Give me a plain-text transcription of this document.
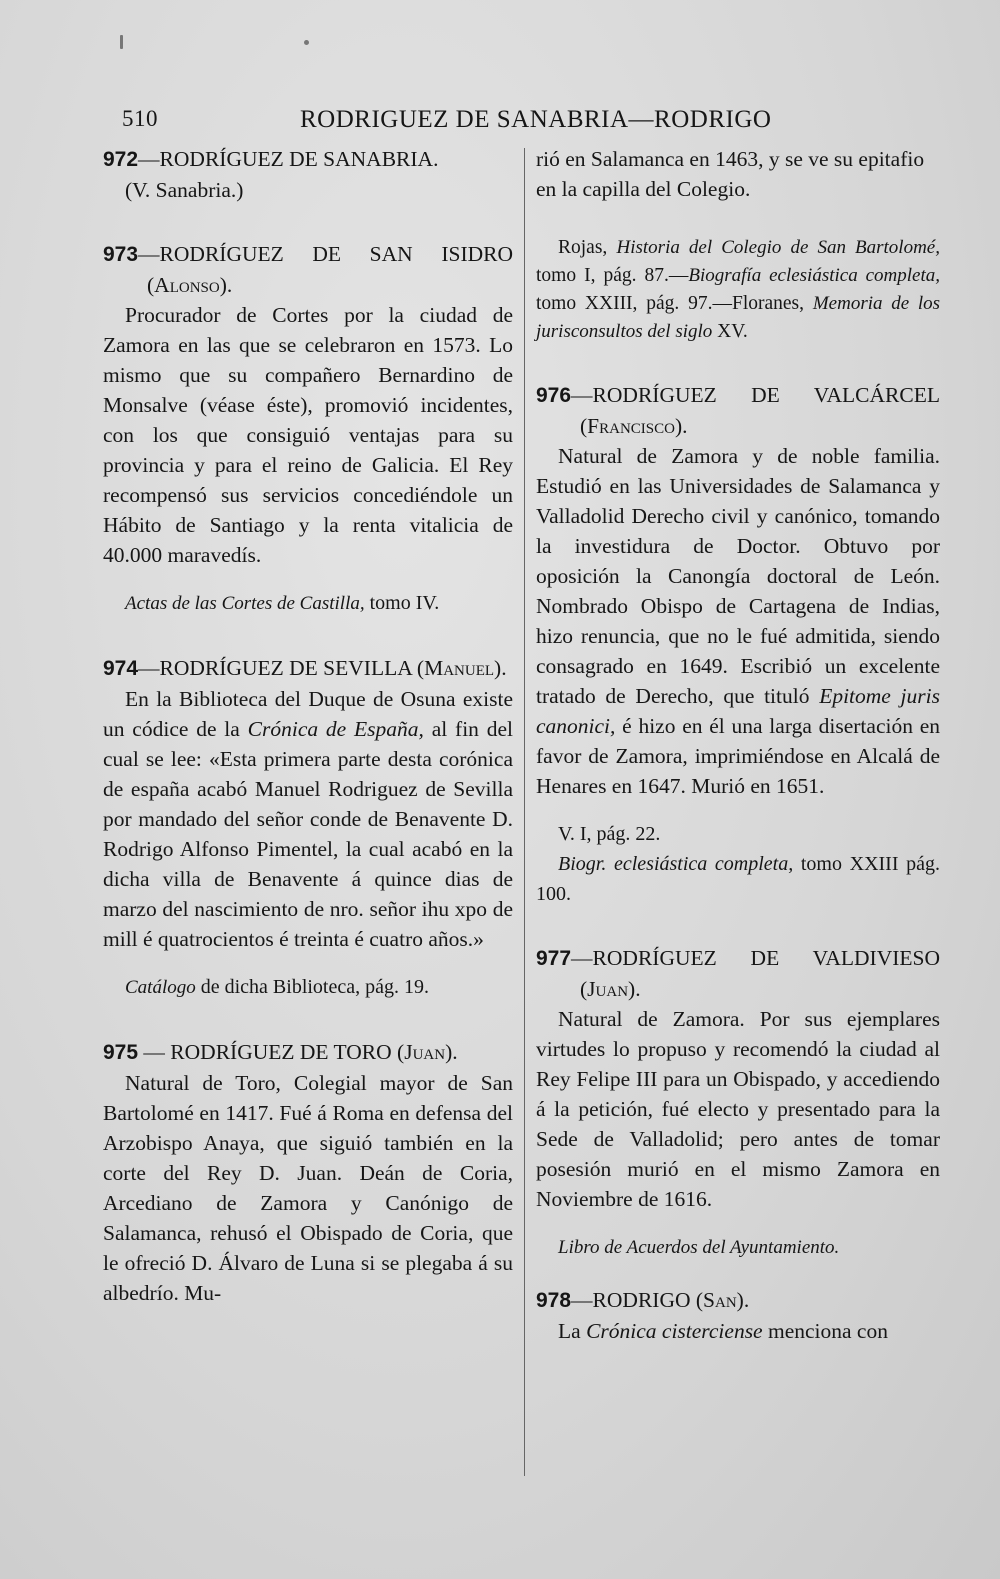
510	RODRIGUEZ DE SANABRIA—RODRIGO
972—RODRÍGUEZ DE SANABRIA.

(V. Sanabria.)

973—RODRÍGUEZ DE SAN ISIDRO (Alonso).

Procurador de Cortes por la ciudad de Zamora en las que se celebraron en 1573. Lo mismo que su compañero Bernardino de Monsalve (véase éste), promovió incidentes, con los que consiguió ventajas para su provincia y para el reino de Galicia. El Rey recompensó sus servicios concediéndole un Hábito de Santiago y la renta vitalicia de 40.000 maravedís.

Actas de las Cortes de Castilla, tomo IV.

974—RODRÍGUEZ DE SEVILLA (Manuel).

En la Biblioteca del Duque de Osuna existe un códice de la Crónica de España, al fin del cual se lee: «Esta primera parte desta corónica de españa acabó Manuel Rodriguez de Sevilla por mandado del señor conde de Benavente D. Rodrigo Alfonso Pimentel, la cual acabó en la dicha villa de Benavente á quince dias de marzo del nascimiento de nro. señor ihu xpo de mill é quatrocientos é treinta é cuatro años.»

Catálogo de dicha Biblioteca, pág. 19.

975 — RODRÍGUEZ DE TORO (Juan).

Natural de Toro, Colegial mayor de San Bartolomé en 1417. Fué á Roma en defensa del Arzobispo Anaya, que siguió también en la corte del Rey D. Juan. Deán de Coria, Arcediano de Zamora y Canónigo de Salamanca, rehusó el Obispado de Coria, que le ofreció D. Álvaro de Luna si se plegaba á su albedrío. Mu-

rió en Salamanca en 1463, y se ve su epitafio en la capilla del Colegio.

Rojas, Historia del Colegio de San Bartolomé, tomo I, pág. 87.—Biografía eclesiástica completa, tomo XXIII, pág. 97.—Floranes, Memoria de los jurisconsultos del siglo XV.

976—RODRÍGUEZ DE VALCÁRCEL (Francisco).

Natural de Zamora y de noble familia. Estudió en las Universidades de Salamanca y Valladolid Derecho civil y canónico, tomando la investidura de Doctor. Obtuvo por oposición la Canongía doctoral de León. Nombrado Obispo de Cartagena de Indias, hizo renuncia, que no le fué admitida, siendo consagrado en 1649. Escribió un excelente tratado de Derecho, que tituló Epitome juris canonici, é hizo en él una larga disertación en favor de Zamora, imprimiéndose en Alcalá de Henares en 1647. Murió en 1651.

V. I, pág. 22.

Biogr. eclesiástica completa, tomo XXIII pág. 100.

977—RODRÍGUEZ DE VALDIVIESO (Juan).

Natural de Zamora. Por sus ejemplares virtudes lo propuso y recomendó la ciudad al Rey Felipe III para un Obispado, y accediendo á la petición, fué electo y presentado para la Sede de Valladolid; pero antes de tomar posesión murió en el mismo Zamora en Noviembre de 1616.

Libro de Acuerdos del Ayuntamiento.

978—RODRIGO (San).

La Crónica cisterciense menciona con
